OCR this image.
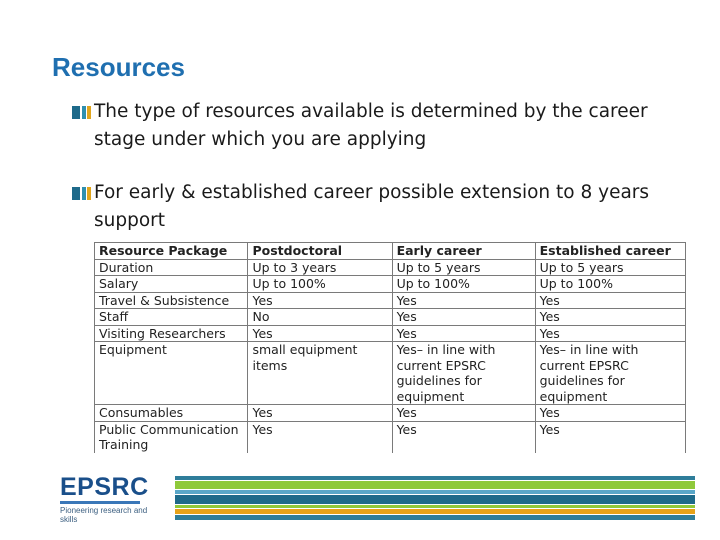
Resources
The type of resources available is determined by the career stage under which you are applying
For early & established career possible extension to 8 years support
Resource Package	Postdoctoral	Early career	Established career
Duration	Up to 3 years	Up to 5 years	Up to 5 years
Salary	Up to 100%	Up to 100%	Up to 100%
Travel & Subsistence	Yes	Yes	Yes
Staff	No	Yes	Yes
Visiting Researchers	Yes	Yes	Yes
Equipment	small equipment items	Yes– in line with current EPSRC guidelines for equipment	Yes– in line with current EPSRC guidelines for equipment
Consumables	Yes	Yes	Yes
Public Communication Training	Yes	Yes	Yes
EPSRC
Pioneering research and skills
